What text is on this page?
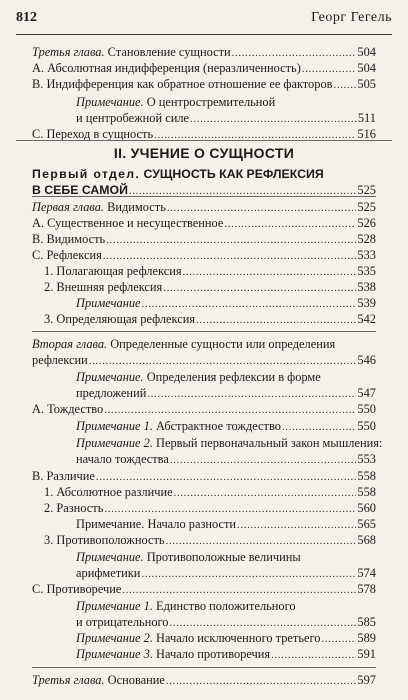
812	Георг Гегель
Третья глава. Становление сущности .....	504
A. Абсолютная индифференция (неразличенность) .....	504
B. Индифференция как обратное отношение ее факторов ..... 505
Примечание. О центростремительной
и центробежной силе .....	511
C. Переход в сущность .....	516
Первая глава. Видимость .....	525
А. Существенное и несущественное .....	526
В. Видимость .....	528
С. Рефлексия .....	533
1. Полагающая рефлексия .....	535
2. Внешняя рефлексия .....	538
Примечание .....	539
3. Определяющая рефлексия .....	542
Вторая глава. Определенные сущности или определения
рефлексии .....	546
Примечание. Определения рефлексии в форме
предложений .....	547
А. Тождество .....	550
Примечание 1. Абстрактное тождество .....	550
Примечание 2. Первый первоначальный закон мышления:
начало тождества .....	553
В. Различие .....	558
1. Абсолютное различие .....	558
2. Разность .....	560
Примечание. Начало разности .....	565
3. Противоположность .....	568
Примечание. Противоположные величины
арифметики .....	574
С. Противоречие .....	578
Примечание 1. Единство положительного
и отрицательного .....	585
Примечание 2. Начало исключенного третьего .....	589
Примечание 3. Начало противоречия .....	591
Третья глава. Основание .....	597
II. УЧЕНИЕ О СУЩНОСТИ
Первый отдел. СУЩНОСТЬ КАК РЕФЛЕКСИЯ
В СЕБЕ САМОЙ .....	525
